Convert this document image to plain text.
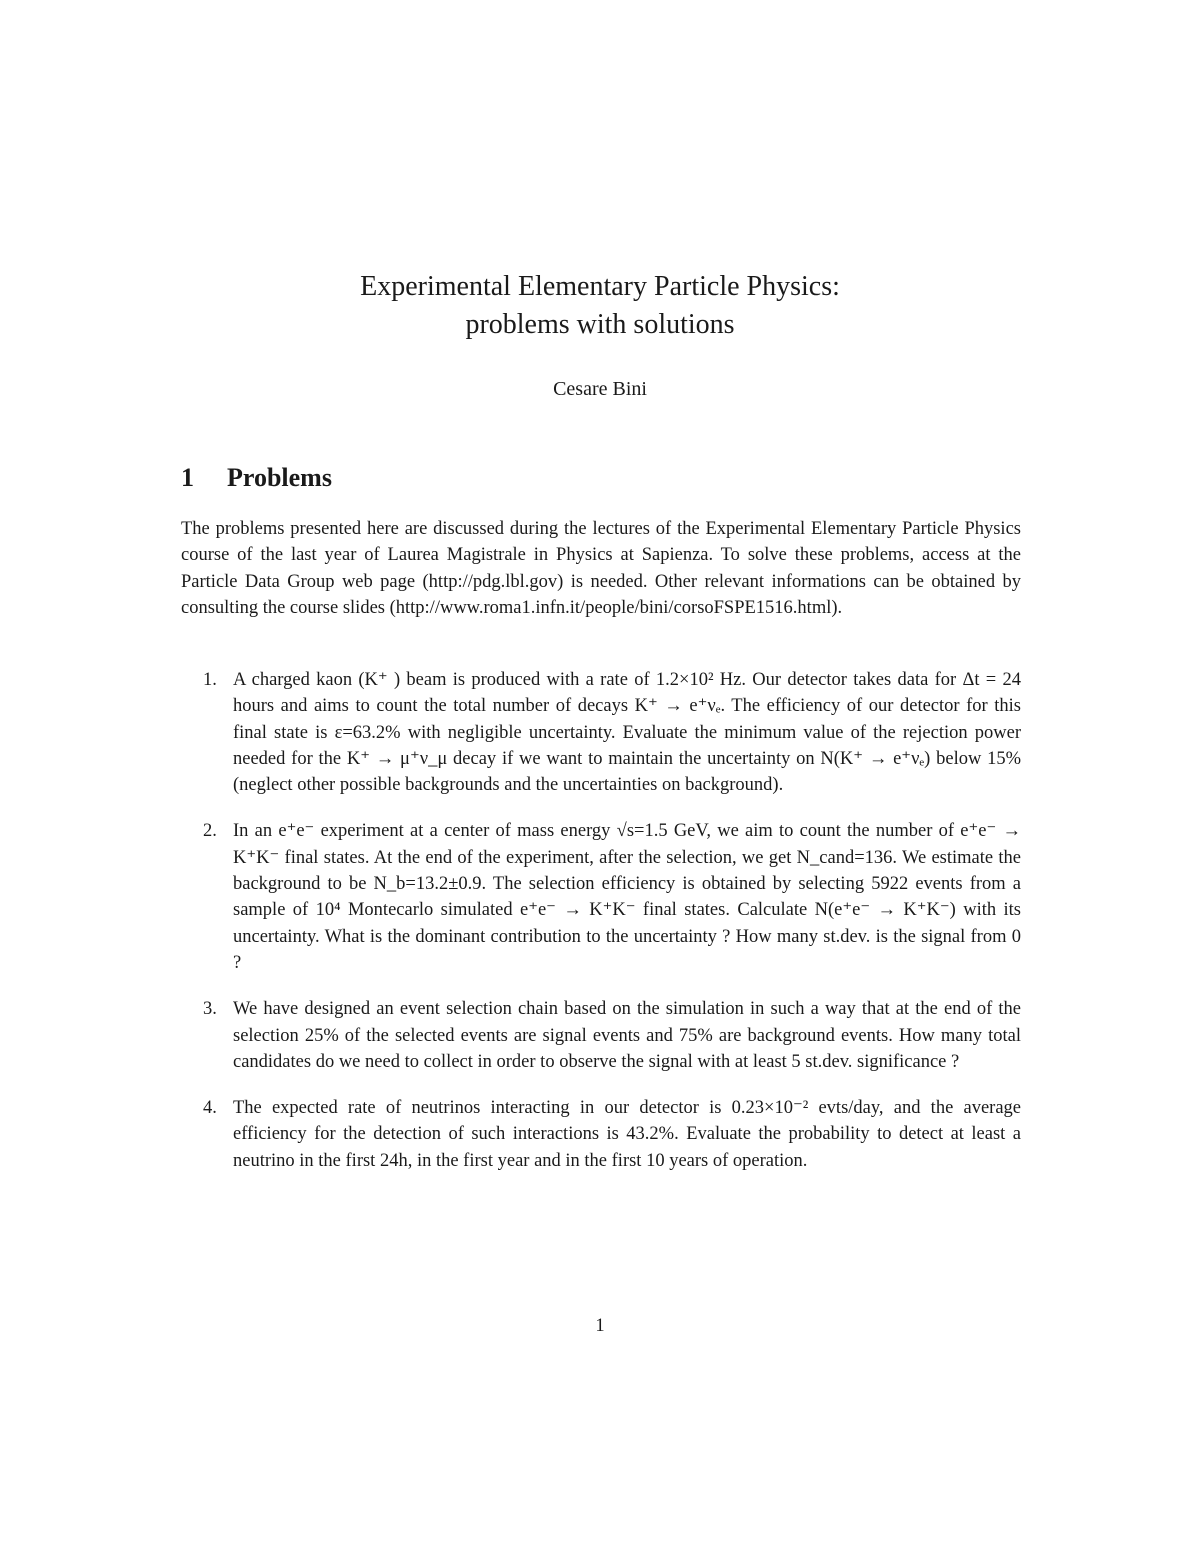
Experimental Elementary Particle Physics:
problems with solutions
Cesare Bini
1 Problems
The problems presented here are discussed during the lectures of the Experimental Elementary Particle Physics course of the last year of Laurea Magistrale in Physics at Sapienza. To solve these problems, access at the Particle Data Group web page (http://pdg.lbl.gov) is needed. Other relevant informations can be obtained by consulting the course slides (http://www.roma1.infn.it/people/bini/corsoFSPE1516.html).
1. A charged kaon (K⁺ ) beam is produced with a rate of 1.2×10² Hz. Our detector takes data for Δt = 24 hours and aims to count the total number of decays K⁺ → e⁺νₑ. The efficiency of our detector for this final state is ε=63.2% with negligible uncertainty. Evaluate the minimum value of the rejection power needed for the K⁺ → μ⁺ν_μ decay if we want to maintain the uncertainty on N(K⁺ → e⁺νₑ) below 15% (neglect other possible backgrounds and the uncertainties on background).
2. In an e⁺e⁻ experiment at a center of mass energy √s=1.5 GeV, we aim to count the number of e⁺e⁻ → K⁺K⁻ final states. At the end of the experiment, after the selection, we get N_cand=136. We estimate the background to be N_b=13.2±0.9. The selection efficiency is obtained by selecting 5922 events from a sample of 10⁴ Montecarlo simulated e⁺e⁻ → K⁺K⁻ final states. Calculate N(e⁺e⁻ → K⁺K⁻) with its uncertainty. What is the dominant contribution to the uncertainty ? How many st.dev. is the signal from 0 ?
3. We have designed an event selection chain based on the simulation in such a way that at the end of the selection 25% of the selected events are signal events and 75% are background events. How many total candidates do we need to collect in order to observe the signal with at least 5 st.dev. significance ?
4. The expected rate of neutrinos interacting in our detector is 0.23×10⁻² evts/day, and the average efficiency for the detection of such interactions is 43.2%. Evaluate the probability to detect at least a neutrino in the first 24h, in the first year and in the first 10 years of operation.
1
